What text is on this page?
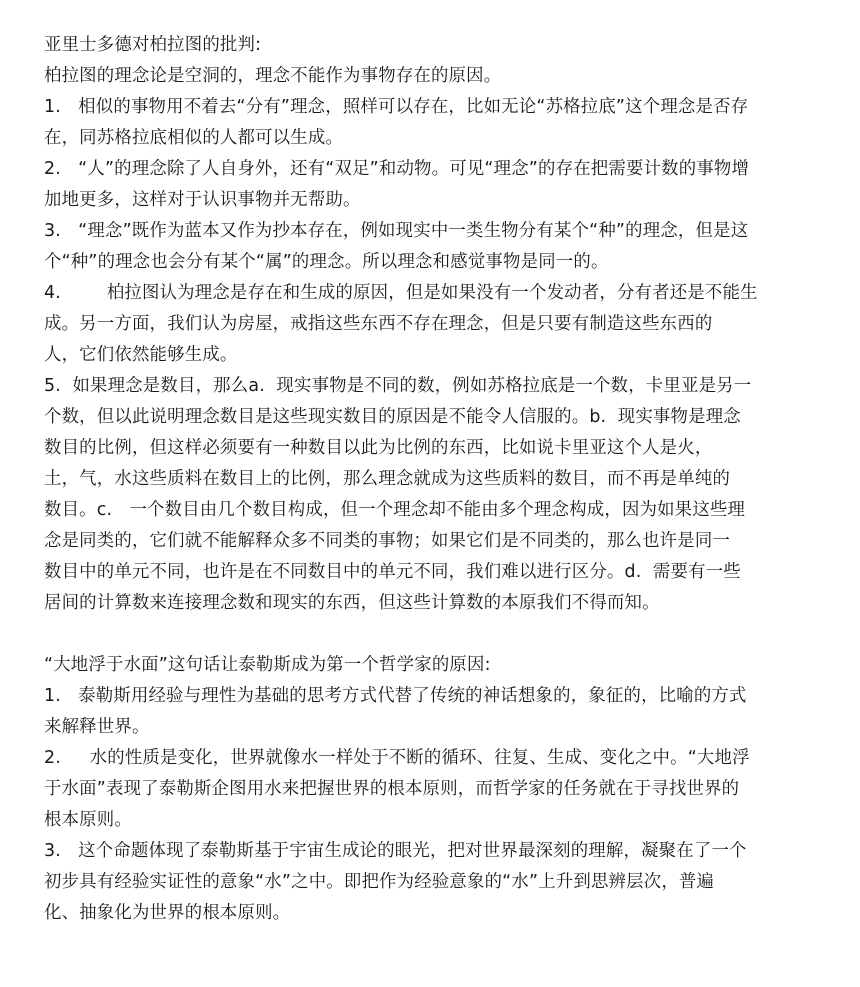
亚里士多德对柏拉图的批判:
柏拉图的理念论是空洞的，理念不能作为事物存在的原因。
1.   相似的事物用不着去“分有”理念，照样可以存在，比如无论“苏格拉底”这个理念是否存
在，同苏格拉底相似的人都可以生成。
2.   “人”的理念除了人自身外，还有“双足”和动物。可见“理念”的存在把需要计数的事物增
加地更多，这样对于认识事物并无帮助。
3.   “理念”既作为蓝本又作为抄本存在，例如现实中一类生物分有某个“种”的理念，但是这
个“种”的理念也会分有某个“属”的理念。所以理念和感觉事物是同一的。
4.        柏拉图认为理念是存在和生成的原因，但是如果没有一个发动者，分有者还是不能生
成。另一方面，我们认为房屋，戒指这些东西不存在理念，但是只要有制造这些东西的
人，它们依然能够生成。
5.  如果理念是数目，那么a.  现实事物是不同的数，例如苏格拉底是一个数，卡里亚是另一
个数，但以此说明理念数目是这些现实数目的原因是不能令人信服的。b.  现实事物是理念
数目的比例，但这样必须要有一种数目以此为比例的东西，比如说卡里亚这个人是火，
土，气，水这些质料在数目上的比例，那么理念就成为这些质料的数目，而不再是单纯的
数目。c.   一个数目由几个数目构成，但一个理念却不能由多个理念构成，因为如果这些理
念是同类的，它们就不能解释众多不同类的事物；如果它们是不同类的，那么也许是同一
数目中的单元不同，也许是在不同数目中的单元不同，我们难以进行区分。d.  需要有一些
居间的计算数来连接理念数和现实的东西，但这些计算数的本原我们不得而知。
“大地浮于水面”这句话让泰勒斯成为第一个哲学家的原因:
1.   泰勒斯用经验与理性为基础的思考方式代替了传统的神话想象的，象征的，比喻的方式
来解释世界。
2.     水的性质是变化，世界就像水一样处于不断的循环、往复、生成、变化之中。“大地浮
于水面”表现了泰勒斯企图用水来把握世界的根本原则，而哲学家的任务就在于寻找世界的
根本原则。
3.   这个命题体现了泰勒斯基于宇宙生成论的眼光，把对世界最深刻的理解，凝聚在了一个
初步具有经验实证性的意象“水”之中。即把作为经验意象的“水”上升到思辨层次，普遍
化、抽象化为世界的根本原则。
